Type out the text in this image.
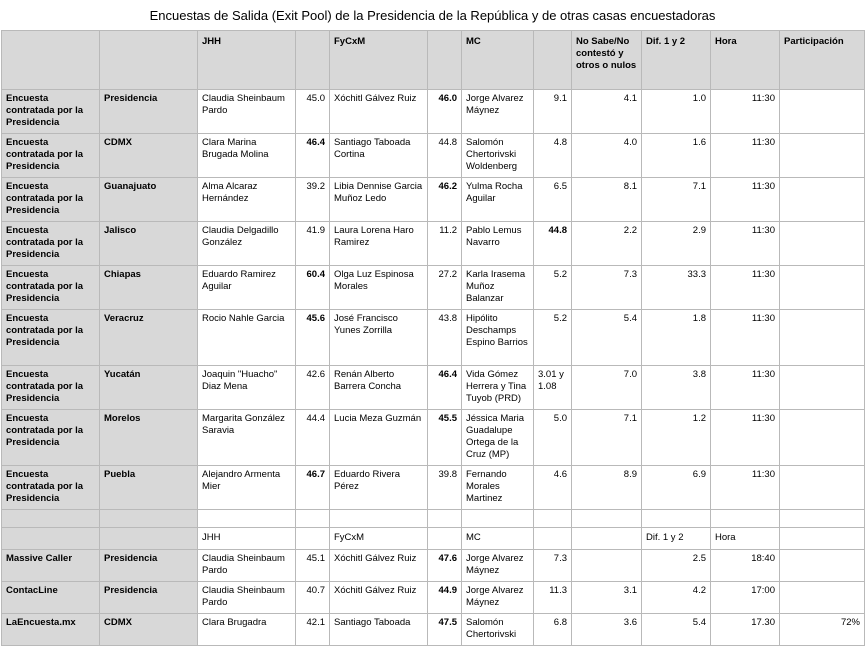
Encuestas de Salida (Exit Pool) de la Presidencia de la República y de otras casas encuestadoras
		JHH		FyCxM		MC		No Sabe/No contestó y otros o nulos	Dif. 1 y 2	Hora	Participación
Encuesta contratada por la Presidencia	Presidencia	Claudia Sheinbaum Pardo	45.0	Xóchitl Gálvez Ruiz	46.0	Jorge Alvarez Máynez	9.1	4.1	1.0	11:30	
Encuesta contratada por la Presidencia	CDMX	Clara Marina Brugada Molina	46.4	Santiago Taboada Cortina	44.8	Salomón Chertorivski Woldenberg	4.8	4.0	1.6	11:30	
Encuesta contratada por la Presidencia	Guanajuato	Alma Alcaraz Hernández	39.2	Libia Dennise Garcia Muñoz Ledo	46.2	Yulma Rocha Aguilar	6.5	8.1	7.1	11:30	
Encuesta contratada por la Presidencia	Jalisco	Claudia Delgadillo González	41.9	Laura Lorena Haro Ramirez	11.2	Pablo Lemus Navarro	44.8	2.2	2.9	11:30	
Encuesta contratada por la Presidencia	Chiapas	Eduardo Ramirez Aguilar	60.4	Olga Luz Espinosa Morales	27.2	Karla Irasema Muñoz Balanzar	5.2	7.3	33.3	11:30	
Encuesta contratada por la Presidencia	Veracruz	Rocio Nahle Garcia	45.6	José Francisco Yunes Zorrilla	43.8	Hipólito Deschamps Espino Barrios	5.2	5.4	1.8	11:30	
Encuesta contratada por la Presidencia	Yucatán	Joaquin "Huacho" Diaz Mena	42.6	Renán Alberto Barrera Concha	46.4	Vida Gómez Herrera y Tina Tuyob (PRD)	3.01 y 1.08	7.0	3.8	11:30	
Encuesta contratada por la Presidencia	Morelos	Margarita González Saravia	44.4	Lucia Meza Guzmán	45.5	Jéssica Maria Guadalupe Ortega de la Cruz (MP)	5.0	7.1	1.2	11:30	
Encuesta contratada por la Presidencia	Puebla	Alejandro Armenta Mier	46.7	Eduardo Rivera Pérez	39.8	Fernando Morales Martinez	4.6	8.9	6.9	11:30	

		JHH		FyCxM		MC			Dif. 1 y 2	Hora	
Massive Caller	Presidencia	Claudia Sheinbaum Pardo	45.1	Xóchitl Gálvez Ruiz	47.6	Jorge Alvarez Máynez	7.3		2.5	18:40	
ContacLine	Presidencia	Claudia Sheinbaum Pardo	40.7	Xóchitl Gálvez Ruiz	44.9	Jorge Alvarez Máynez	11.3	3.1	4.2	17:00	
LaEncuesta.mx	CDMX	Clara Brugadra	42.1	Santiago Taboada	47.5	Salomón Chertorivski	6.8	3.6	5.4	17.30	72%
